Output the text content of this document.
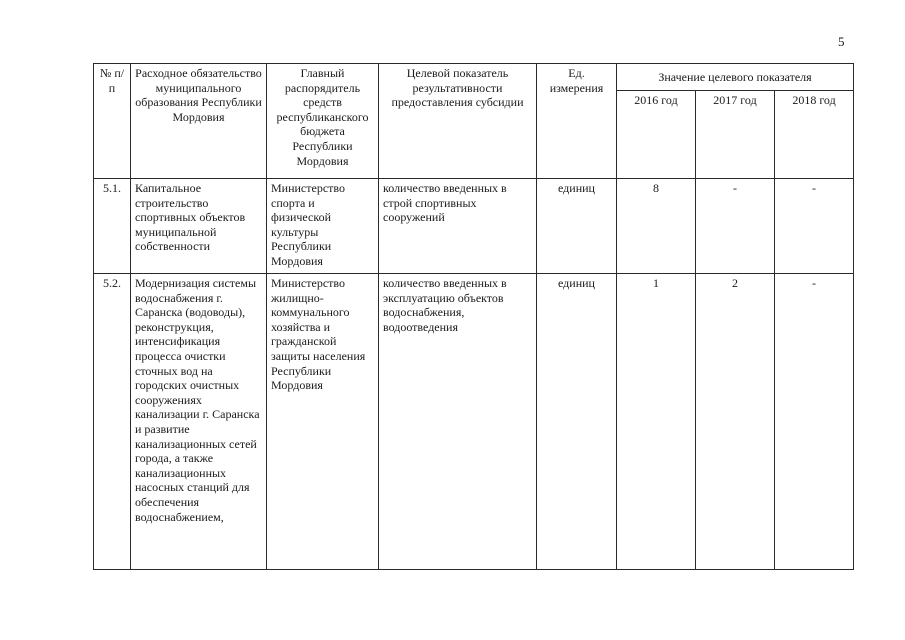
5
№ п/п	Расходное обязательство муниципального образования Республики Мордовия	Главный распорядитель средств республиканского бюджета Республики Мордовия	Целевой показатель результативности предоставления субсидии	Ед. измерения	Значение целевого показателя		
					2016 год	2017 год	2018 год
5.1.	Капитальное строительство спортивных объектов муниципальной собственности	Министерство спорта и физической культуры Республики Мордовия	количество введенных в строй спортивных сооружений	единиц	8	-	-
5.2.	Модернизация системы водоснабжения г. Саранска (водоводы), реконструкция, интенсификация процесса очистки сточных вод на городских очистных сооружениях канализации г. Саранска и развитие канализационных сетей города, а также канализационных насосных станций для обеспечения водоснабжением,	Министерство жилищно-коммунального хозяйства и гражданской защиты населения Республики Мордовия	количество введенных в эксплуатацию объектов водоснабжения, водоотведения	единиц	1	2	-
